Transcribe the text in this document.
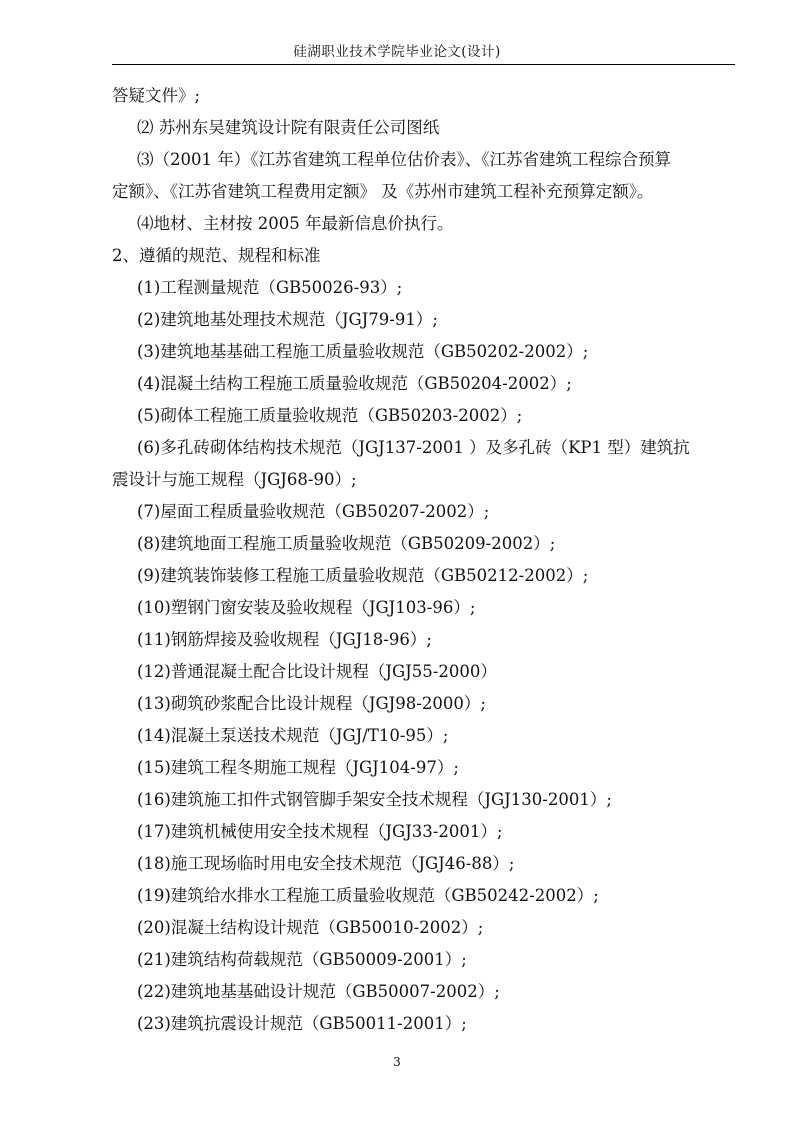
硅湖职业技术学院毕业论文(设计)
答疑文件》;
⑵ 苏州东吴建筑设计院有限责任公司图纸
⑶（2001 年）《江苏省建筑工程单位估价表》、《江苏省建筑工程综合预算
定额》、《江苏省建筑工程费用定额》 及《苏州市建筑工程补充预算定额》。
⑷地材、主材按 2005 年最新信息价执行。
2、遵循的规范、规程和标准
(1)工程测量规范（GB50026-93）;
(2)建筑地基处理技术规范（JGJ79-91）;
(3)建筑地基基础工程施工质量验收规范（GB50202-2002）;
(4)混凝土结构工程施工质量验收规范（GB50204-2002）;
(5)砌体工程施工质量验收规范（GB50203-2002）;
(6)多孔砖砌体结构技术规范（JGJ137-2001 ）及多孔砖（KP1 型）建筑抗
震设计与施工规程（JGJ68-90）;
(7)屋面工程质量验收规范（GB50207-2002）;
(8)建筑地面工程施工质量验收规范（GB50209-2002）;
(9)建筑装饰装修工程施工质量验收规范（GB50212-2002）;
(10)塑钢门窗安装及验收规程（JGJ103-96）;
(11)钢筋焊接及验收规程（JGJ18-96）;
(12)普通混凝土配合比设计规程（JGJ55-2000）
(13)砌筑砂浆配合比设计规程（JGJ98-2000）;
(14)混凝土泵送技术规范（JGJ/T10-95）;
(15)建筑工程冬期施工规程（JGJ104-97）;
(16)建筑施工扣件式钢管脚手架安全技术规程（JGJ130-2001）;
(17)建筑机械使用安全技术规程（JGJ33-2001）;
(18)施工现场临时用电安全技术规范（JGJ46-88）;
(19)建筑给水排水工程施工质量验收规范（GB50242-2002）;
(20)混凝土结构设计规范（GB50010-2002）;
(21)建筑结构荷载规范（GB50009-2001）;
(22)建筑地基基础设计规范（GB50007-2002）;
(23)建筑抗震设计规范（GB50011-2001）;
3
